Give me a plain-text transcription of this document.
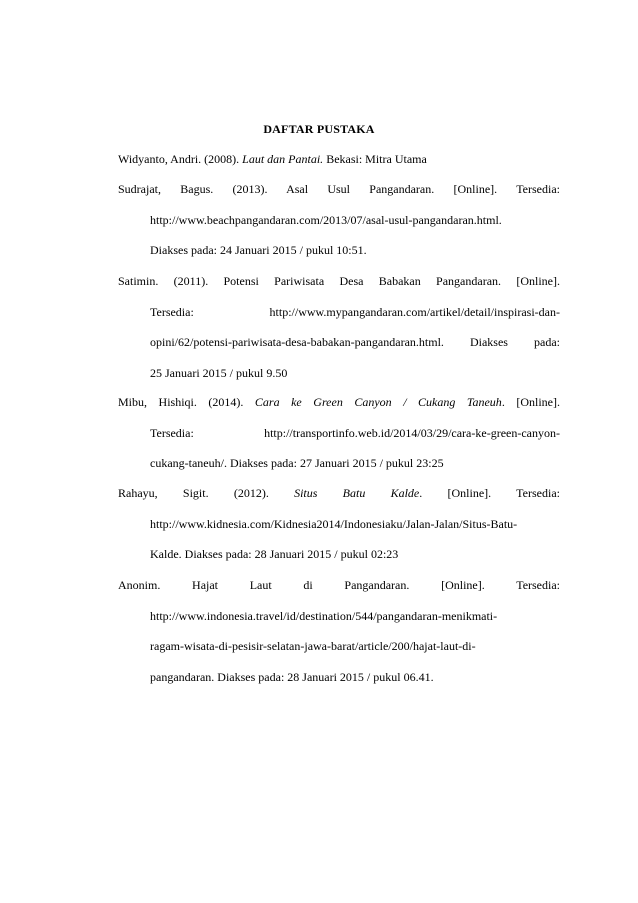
DAFTAR PUSTAKA

Widyanto, Andri. (2008). Laut dan Pantai. Bekasi: Mitra Utama

Sudrajat, Bagus. (2013). Asal Usul Pangandaran. [Online]. Tersedia:
http://www.beachpangandaran.com/2013/07/asal-usul-pangandaran.html.
Diakses pada: 24 Januari 2015 / pukul 10:51.

Satimin. (2011). Potensi Pariwisata Desa Babakan Pangandaran. [Online].
Tersedia: http://www.mypangandaran.com/artikel/detail/inspirasi-dan-
opini/62/potensi-pariwisata-desa-babakan-pangandaran.html. Diakses pada:
25 Januari 2015 / pukul 9.50

Mibu, Hishiqi. (2014). Cara ke Green Canyon / Cukang Taneuh. [Online].
Tersedia: http://transportinfo.web.id/2014/03/29/cara-ke-green-canyon-
cukang-taneuh/. Diakses pada: 27 Januari 2015 / pukul 23:25

Rahayu, Sigit. (2012). Situs Batu Kalde. [Online]. Tersedia:
http://www.kidnesia.com/Kidnesia2014/Indonesiaku/Jalan-Jalan/Situs-Batu-
Kalde. Diakses pada: 28 Januari 2015 / pukul 02:23

Anonim. Hajat Laut di Pangandaran. [Online]. Tersedia:
http://www.indonesia.travel/id/destination/544/pangandaran-menikmati-
ragam-wisata-di-pesisir-selatan-jawa-barat/article/200/hajat-laut-di-
pangandaran. Diakses pada: 28 Januari 2015 / pukul 06.41.
